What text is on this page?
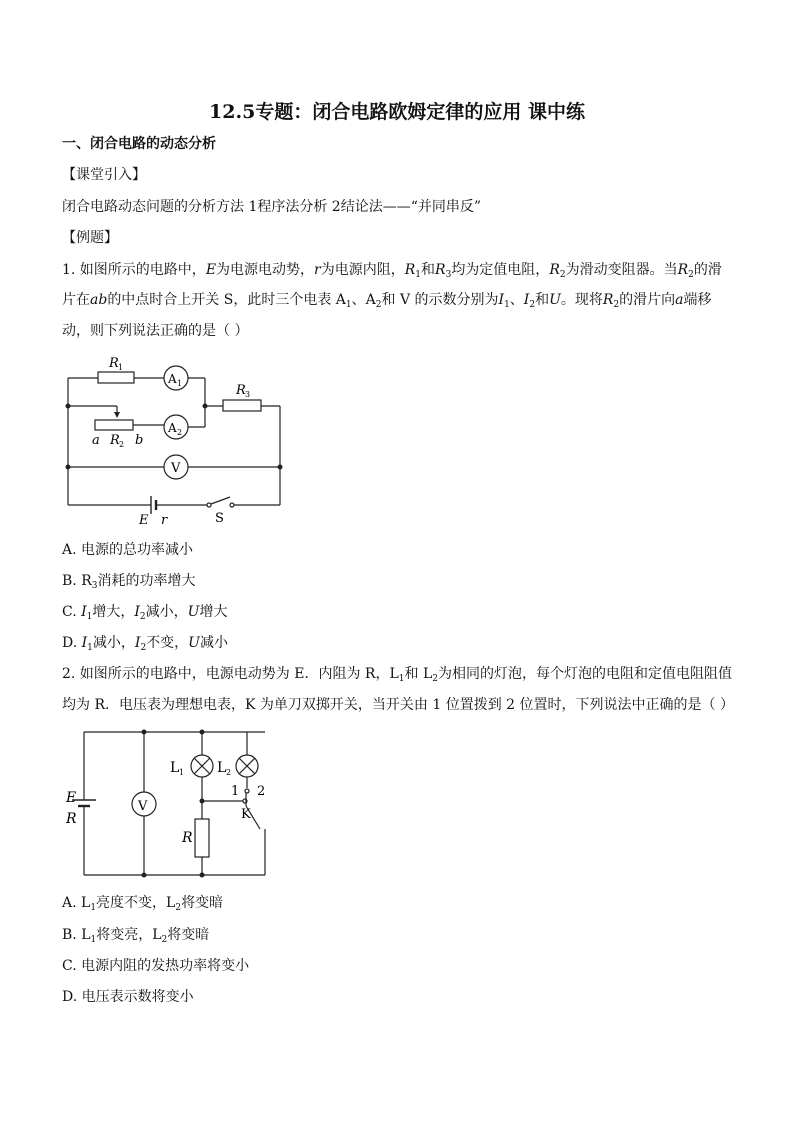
12.5专题：闭合电路欧姆定律的应用 课中练
一、闭合电路的动态分析
【课堂引入】
闭合电路动态问题的分析方法 1程序法分析 2结论法——“并同串反”
【例题】
1. 如图所示的电路中，E为电源电动势，r为电源内阻，$R_1$和$R_3$均为定值电阻，$R_2$为滑动变阻器。当$R_2$的滑
片在ab的中点时合上开关 S，此时三个电表 $A_1$、$A_2$和 V 的示数分别为$I_1$、$I_2$和U。现将$R_2$的滑片向a端移
动，则下列说法正确的是（ ）
R 1
A 1	R 3
A 2
a R 2 b
V
E r	S
A. 电源的总功率减小
B. $R_3$消耗的功率增大
C. $I_1$增大，$I_2$减小，U增大
D. $I_1$减小，$I_2$不变，U减小
2. 如图所示的电路中，电源电动势为 E．内阻为 R，$L_1$和 $L_2$为相同的灯泡，每个灯泡的电阻和定值电阻阻值
均为 R．电压表为理想电表，K 为单刀双掷开关，当开关由 1 位置拨到 2 位置时，下列说法中正确的是（ ）
L 1 L 2
E
R
V
1 2
K
R
A. $L_1$亮度不变，$L_2$将变暗
B. $L_1$将变亮，$L_2$将变暗
C. 电源内阻的发热功率将变小
D. 电压表示数将变小
